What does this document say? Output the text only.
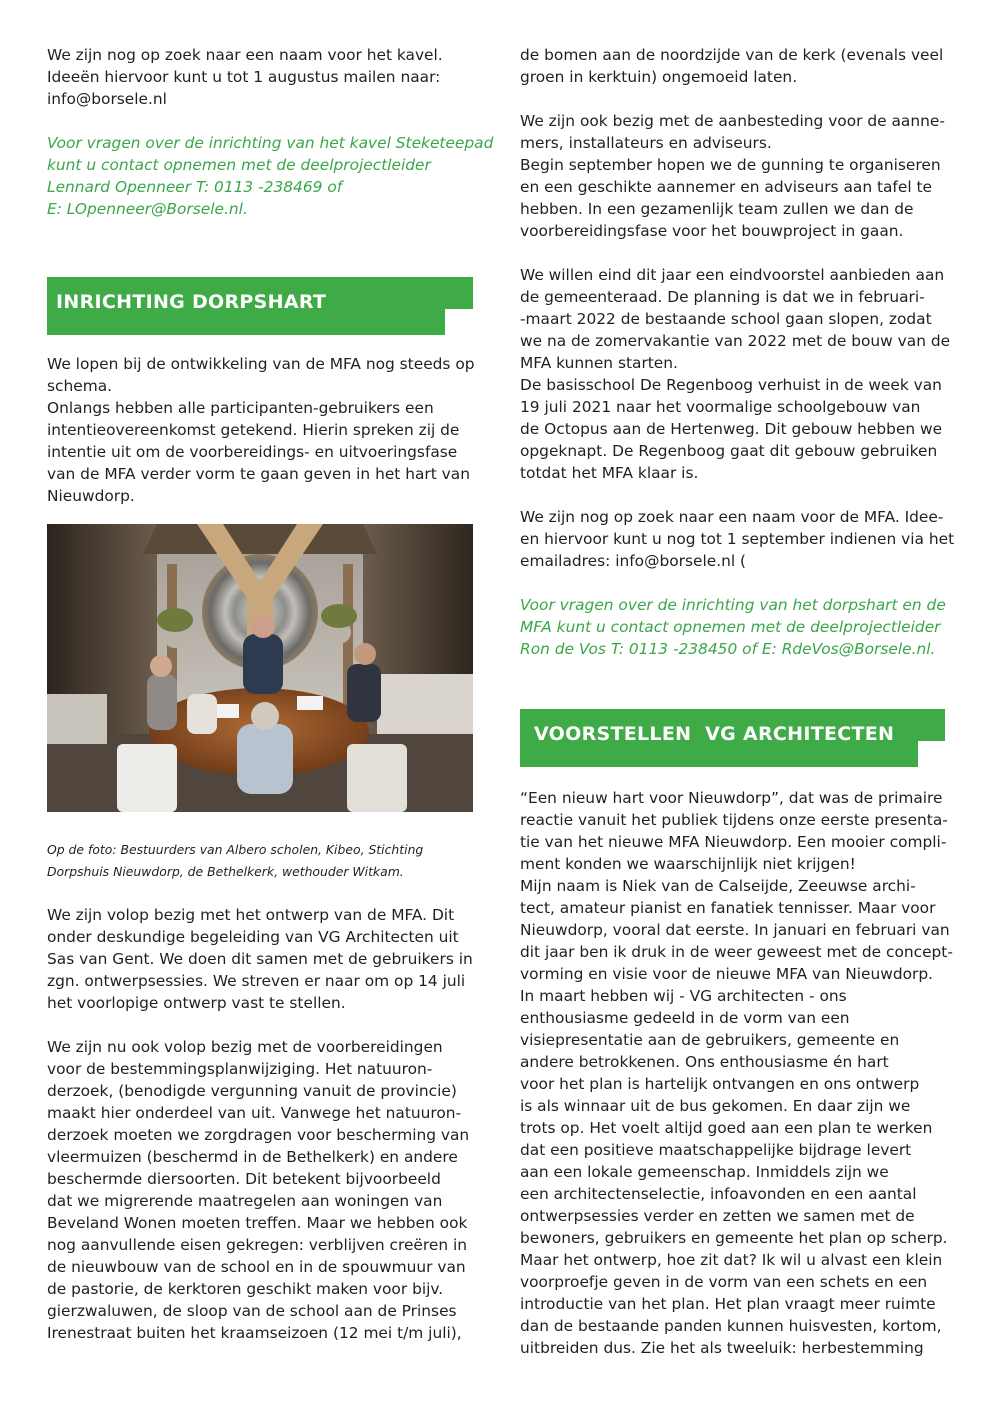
We zijn nog op zoek naar een naam voor het kavel.
Ideeën hiervoor kunt u tot 1 augustus mailen naar:
info@borsele.nl
Voor vragen over de inrichting van het kavel Steketeepad
kunt u contact opnemen met de deelprojectleider
Lennard Openneer T: 0113 -238469 of
E: LOpenneer@Borsele.nl.
INRICHTING DORPSHART
We lopen bij de ontwikkeling van de MFA nog steeds op
schema.
Onlangs hebben alle participanten-gebruikers een
intentieovereenkomst getekend. Hierin spreken zij de
intentie uit om de voorbereidings- en uitvoeringsfase
van de MFA verder vorm te gaan geven in het hart van
Nieuwdorp.
Op de foto: Bestuurders van Albero scholen, Kibeo, Stichting
Dorpshuis Nieuwdorp, de Bethelkerk, wethouder Witkam.
We zijn volop bezig met het ontwerp van de MFA. Dit
onder deskundige begeleiding van VG Architecten uit
Sas van Gent. We doen dit samen met de gebruikers in
zgn. ontwerpsessies. We streven er naar om op 14 juli
het voorlopige ontwerp vast te stellen.
We zijn nu ook volop bezig met de voorbereidingen
voor de bestemmingsplanwijziging. Het natuuron-
derzoek, (benodigde vergunning vanuit de provincie)
maakt hier onderdeel van uit. Vanwege het natuuron-
derzoek moeten we zorgdragen voor bescherming van
vleermuizen (beschermd in de Bethelkerk) en andere
beschermde diersoorten. Dit betekent bijvoorbeeld
dat we migrerende maatregelen aan woningen van
Beveland Wonen moeten treffen. Maar we hebben ook
nog aanvullende eisen gekregen: verblijven creëren in
de nieuwbouw van de school en in de spouwmuur van
de pastorie, de kerktoren geschikt maken voor bijv.
gierzwaluwen, de sloop van de school aan de Prinses
Irenestraat buiten het kraamseizoen (12 mei t/m juli),
de bomen aan de noordzijde van de kerk (evenals veel
groen in kerktuin) ongemoeid laten.
We zijn ook bezig met de aanbesteding voor de aanne-
mers, installateurs en adviseurs.
Begin september hopen we de gunning te organiseren
en een geschikte aannemer en adviseurs aan tafel te
hebben. In een gezamenlijk team zullen we dan de
voorbereidingsfase voor het bouwproject in gaan.
We willen eind dit jaar een eindvoorstel aanbieden aan
de gemeenteraad. De planning is dat we in februari-
-maart 2022 de bestaande school gaan slopen, zodat
we na de zomervakantie van 2022 met de bouw van de
MFA kunnen starten.
De basisschool De Regenboog verhuist in de week van
19 juli 2021 naar het voormalige schoolgebouw van
de Octopus aan de Hertenweg. Dit gebouw hebben we
opgeknapt. De Regenboog gaat dit gebouw gebruiken
totdat het MFA klaar is.
We zijn nog op zoek naar een naam voor de MFA. Idee-
en hiervoor kunt u nog tot 1 september indienen via het
emailadres: info@borsele.nl (
Voor vragen over de inrichting van het dorpshart en de
MFA kunt u contact opnemen met de deelprojectleider
Ron de Vos T: 0113 -238450 of E: RdeVos@Borsele.nl.
VOORSTELLEN  VG ARCHITECTEN
“Een nieuw hart voor Nieuwdorp”, dat was de primaire
reactie vanuit het publiek tijdens onze eerste presenta-
tie van het nieuwe MFA Nieuwdorp. Een mooier compli-
ment konden we waarschijnlijk niet krijgen!
Mijn naam is Niek van de Calseijde, Zeeuwse archi-
tect, amateur pianist en fanatiek tennisser. Maar voor
Nieuwdorp, vooral dat eerste. In januari en februari van
dit jaar ben ik druk in de weer geweest met de concept-
vorming en visie voor de nieuwe MFA van Nieuwdorp.
In maart hebben wij - VG architecten - ons
enthousiasme gedeeld in de vorm van een
visiepresentatie aan de gebruikers, gemeente en
andere betrokkenen. Ons enthousiasme én hart
voor het plan is hartelijk ontvangen en ons ontwerp
is als winnaar uit de bus gekomen. En daar zijn we
trots op. Het voelt altijd goed aan een plan te werken
dat een positieve maatschappelijke bijdrage levert
aan een lokale gemeenschap. Inmiddels zijn we
een architectenselectie, infoavonden en een aantal
ontwerpsessies verder en zetten we samen met de
bewoners, gebruikers en gemeente het plan op scherp.
Maar het ontwerp, hoe zit dat? Ik wil u alvast een klein
voorproefje geven in de vorm van een schets en een
introductie van het plan. Het plan vraagt meer ruimte
dan de bestaande panden kunnen huisvesten, kortom,
uitbreiden dus. Zie het als tweeluik: herbestemming
